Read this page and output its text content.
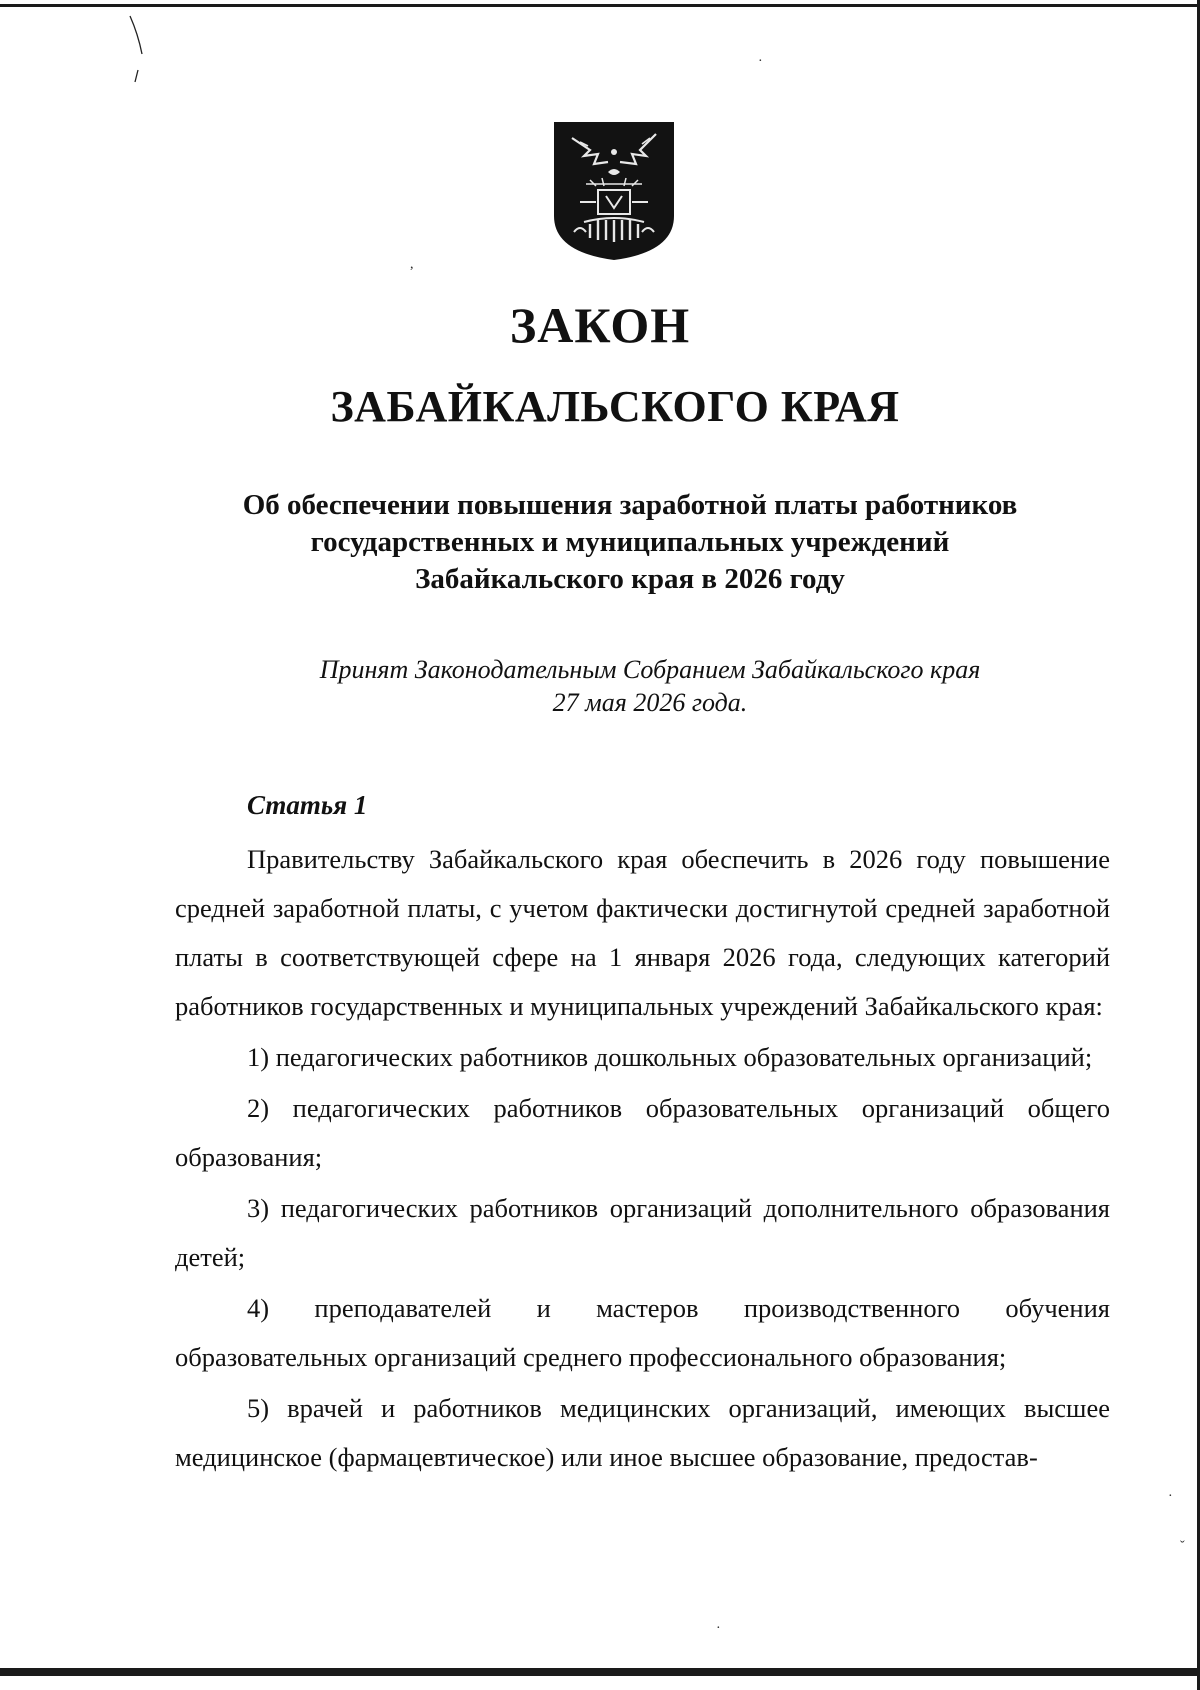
,
·
·
·
ˇ
ЗАКОН
ЗАБАЙКАЛЬСКОГО КРАЯ
Об обеспечении повышения заработной платы работников
государственных и муниципальных учреждений
Забайкальского края в 2026 году
Принят Законодательным Собранием Забайкальского края
27 мая 2026 года.
Статья 1

Правительству Забайкальского края обеспечить в 2026 году повышение средней заработной платы, с учетом фактически достигнутой средней заработной платы в соответствующей сфере на 1 января 2026 года, следующих категорий работников государственных и муниципальных учреждений Забайкальского края:

1) педагогических работников дошкольных образовательных организаций;

2) педагогических работников образовательных организаций общего образования;

3) педагогических работников организаций дополнительного образования детей;

4) преподавателей и мастеров производственного обучения образовательных организаций среднего профессионального образования;

5) врачей и работников медицинских организаций, имеющих высшее медицинское (фармацевтическое) или иное высшее образование, предостав-
